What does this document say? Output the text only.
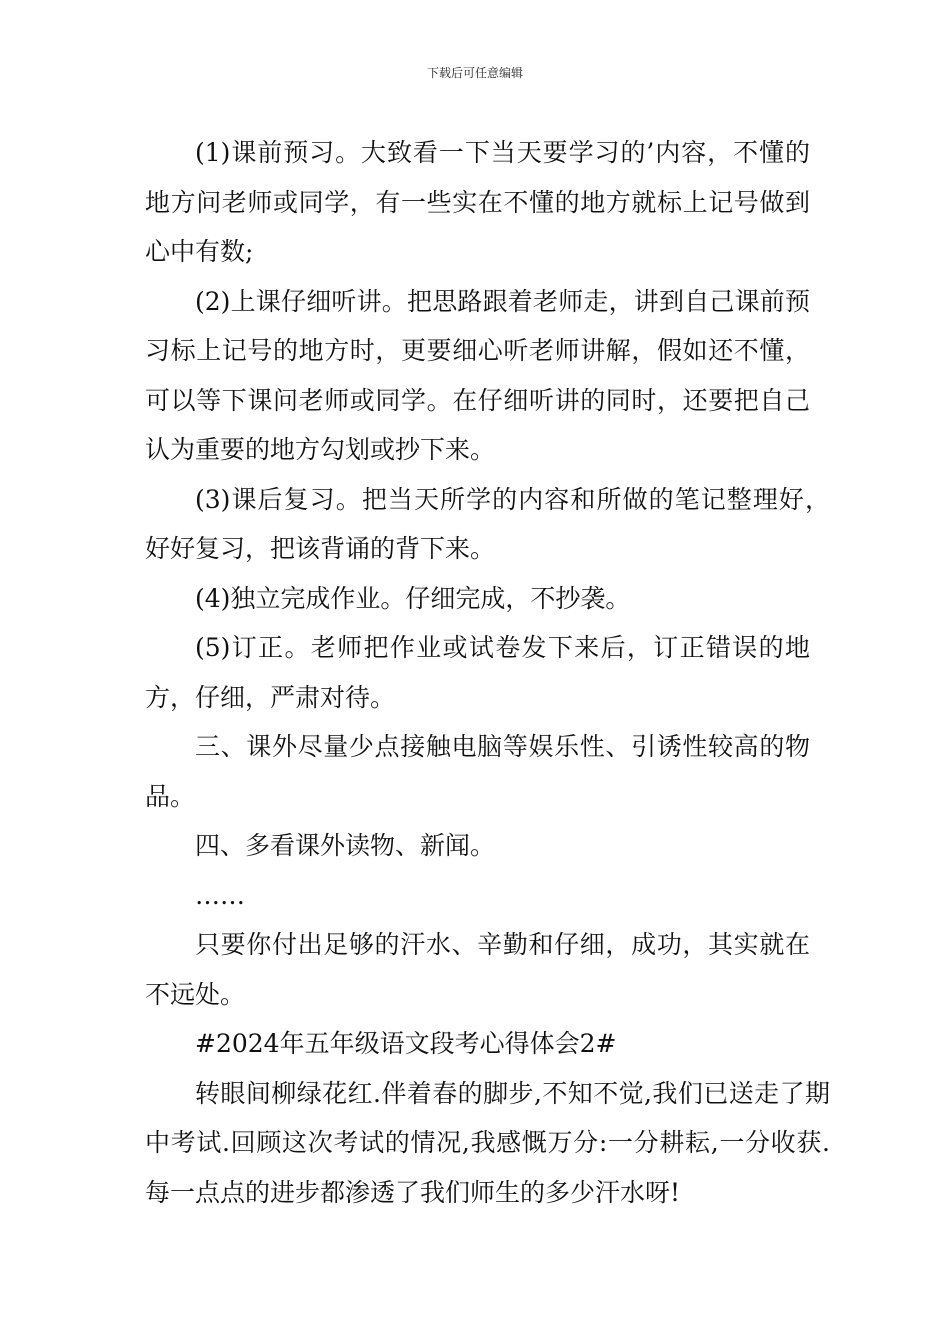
下载后可任意编辑

(1)课前预习。大致看一下当天要学习的’内容，不懂的地方问老师或同学，有一些实在不懂的地方就标上记号做到心中有数;

(2)上课仔细听讲。把思路跟着老师走，讲到自己课前预习标上记号的地方时，更要细心听老师讲解，假如还不懂，可以等下课问老师或同学。在仔细听讲的同时，还要把自己认为重要的地方勾划或抄下来。

(3)课后复习。把当天所学的内容和所做的笔记整理好，好好复习，把该背诵的背下来。

(4)独立完成作业。仔细完成，不抄袭。

(5)订正。老师把作业或试卷发下来后，订正错误的地方，仔细，严肃对待。

三、课外尽量少点接触电脑等娱乐性、引诱性较高的物品。

四、多看课外读物、新闻。

……

只要你付出足够的汗水、辛勤和仔细，成功，其实就在不远处。

#2024年五年级语文段考心得体会2#

转眼间柳绿花红.伴着春的脚步,不知不觉,我们已送走了期中考试.回顾这次考试的情况,我感慨万分:一分耕耘,一分收获.每一点点的进步都渗透了我们师生的多少汗水呀!
